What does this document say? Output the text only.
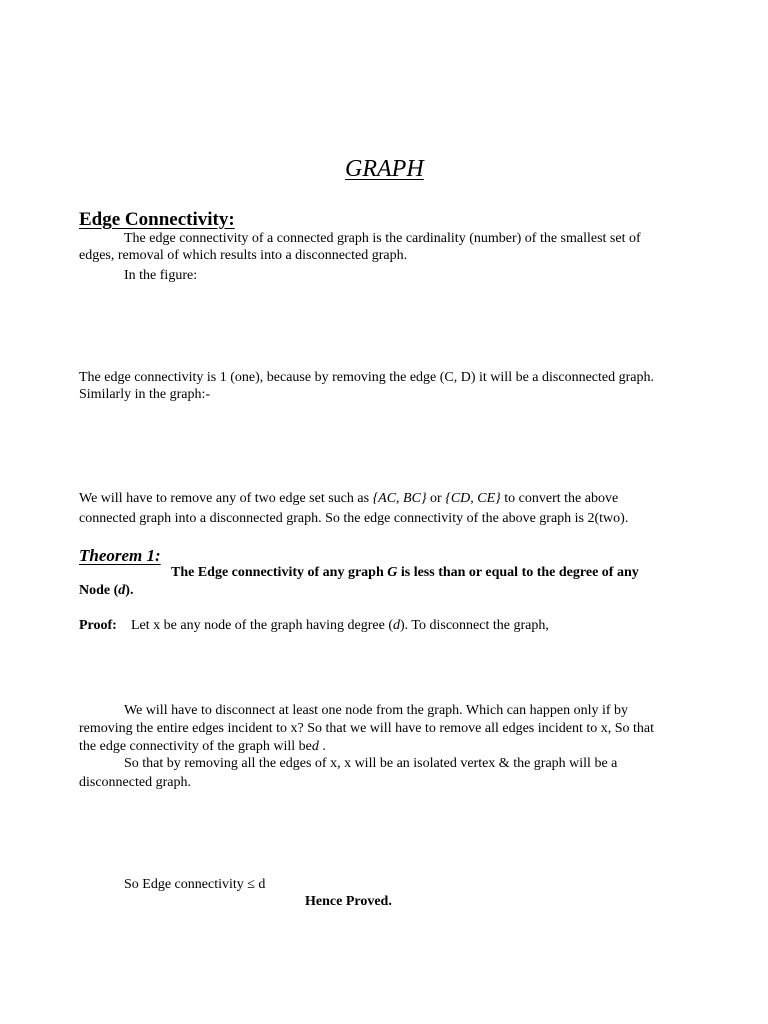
GRAPH
Edge Connectivity:
The edge connectivity of a connected graph is the cardinality (number) of the smallest set of
edges, removal of which results into a disconnected graph.
In the figure:
The edge connectivity is 1 (one), because by removing the edge (C, D) it will be a disconnected graph.
Similarly in the graph:-
We will have to remove any of two edge set such as {AC, BC} or {CD, CE} to convert the above
connected graph into a disconnected graph. So the edge connectivity of the above graph is 2(two).
Theorem 1:
The Edge connectivity of any graph G is less than or equal to the degree of any
Node (d).
Proof: Let x be any node of the graph having degree (d). To disconnect the graph,
We will have to disconnect at least one node from the graph. Which can happen only if by
removing the entire edges incident to x? So that we will have to remove all edges incident to x, So that
the edge connectivity of the graph will bed .
So that by removing all the edges of x, x will be an isolated vertex & the graph will be a
disconnected graph.
So Edge connectivity ≤ d
Hence Proved.
